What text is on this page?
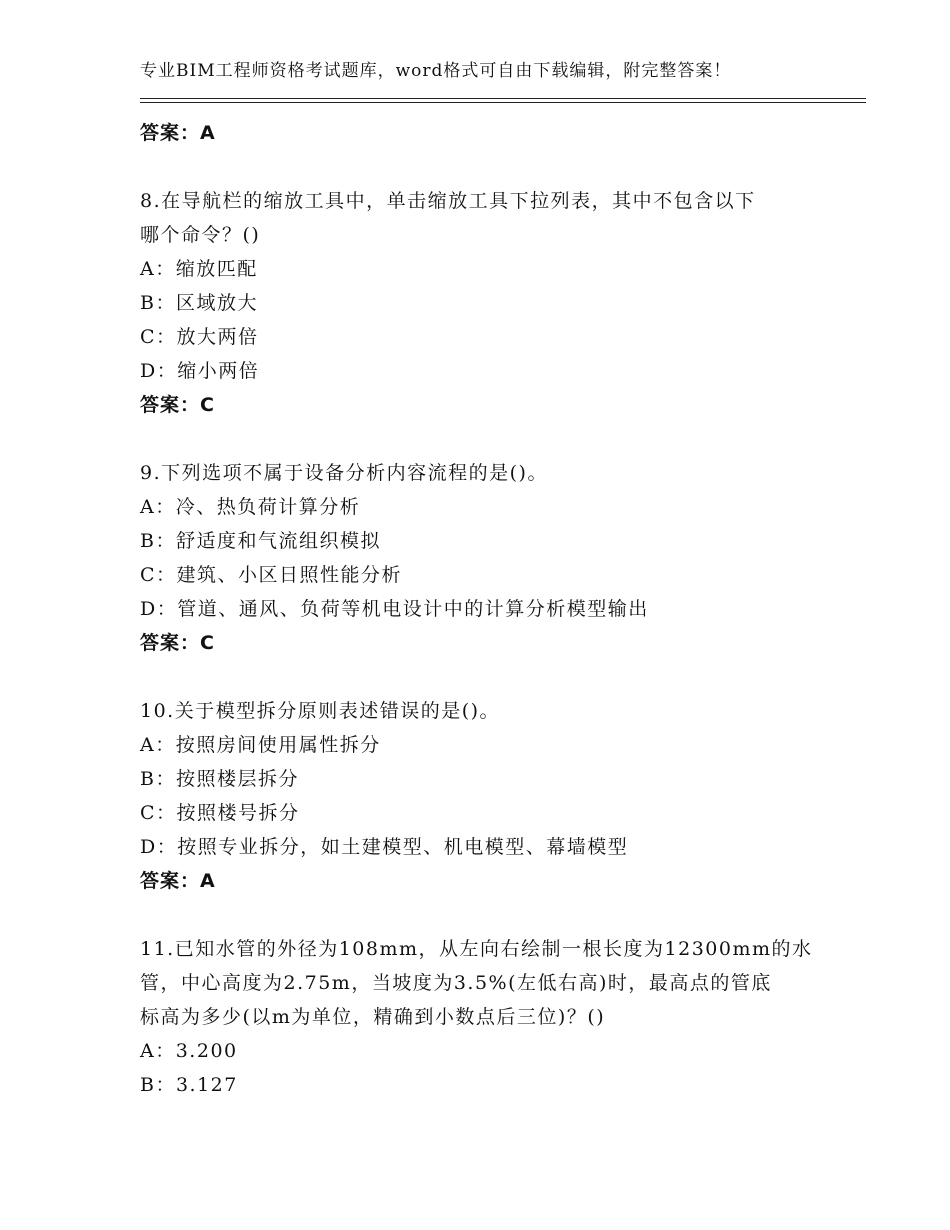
专业BIM工程师资格考试题库，word格式可自由下载编辑，附完整答案！
答案：A
8.在导航栏的缩放工具中，单击缩放工具下拉列表，其中不包含以下
哪个命令？()
A：缩放匹配
B：区域放大
C：放大两倍
D：缩小两倍
答案：C
9.下列选项不属于设备分析内容流程的是()。
A：冷、热负荷计算分析
B：舒适度和气流组织模拟
C：建筑、小区日照性能分析
D：管道、通风、负荷等机电设计中的计算分析模型输出
答案：C
10.关于模型拆分原则表述错误的是()。
A：按照房间使用属性拆分
B：按照楼层拆分
C：按照楼号拆分
D：按照专业拆分，如土建模型、机电模型、幕墙模型
答案：A
11.已知水管的外径为108mm，从左向右绘制一根长度为12300mm的水
管，中心高度为2.75m，当坡度为3.5%(左低右高)时，最高点的管底
标高为多少(以m为单位，精确到小数点后三位)？()
A：3.200
B：3.127
